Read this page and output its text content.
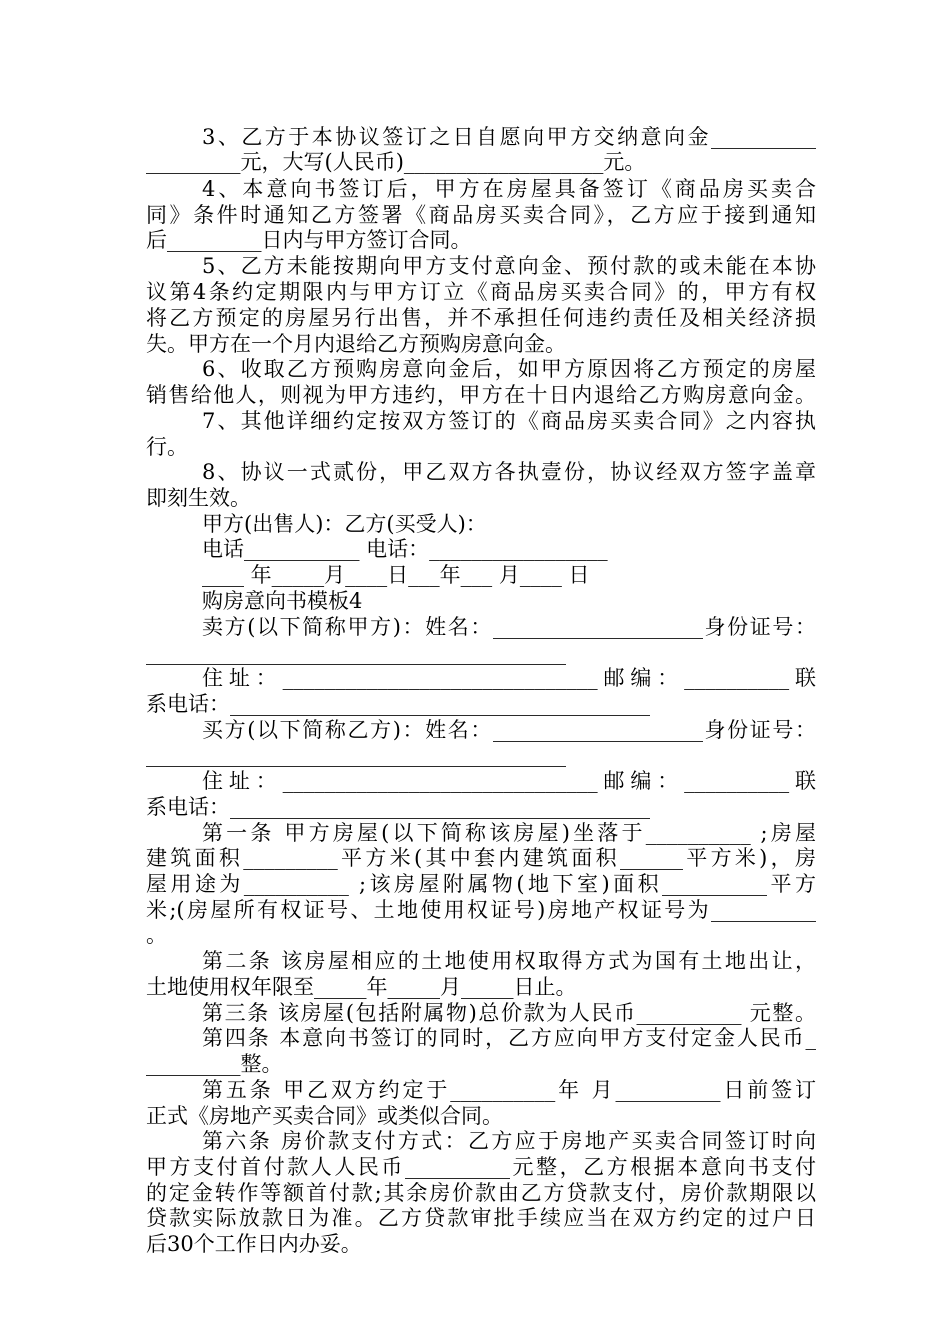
3、乙方于本协议签订之日自愿向甲方交纳意向金__________

_________元，大写(人民币)___________________元。

4、本意向书签订后，甲方在房屋具备签订《商品房买卖合

同》条件时通知乙方签署《商品房买卖合同》，乙方应于接到通知

后_________日内与甲方签订合同。

5、乙方未能按期向甲方支付意向金、预付款的或未能在本协

议第4条约定期限内与甲方订立《商品房买卖合同》的，甲方有权

将乙方预定的房屋另行出售，并不承担任何违约责任及相关经济损

失。甲方在一个月内退给乙方预购房意向金。

6、收取乙方预购房意向金后，如甲方原因将乙方预定的房屋

销售给他人，则视为甲方违约，甲方在十日内退给乙方购房意向金。

7、其他详细约定按双方签订的《商品房买卖合同》之内容执

行。

8、协议一式贰份，甲乙双方各执壹份，协议经双方签字盖章

即刻生效。

甲方(出售人)：乙方(买受人)：

电话___________ 电话：_________________

____ 年_____月____日___年___ 月____ 日

购房意向书模板4

卖方(以下简称甲方)：姓名：____________________身份证号：

________________________________________

住址：______________________________邮编：__________联

系电话：________________________________________

买方(以下简称乙方)：姓名：____________________身份证号：

________________________________________

住址：______________________________邮编：__________联

系电话：________________________________________

第一条 甲方房屋(以下简称该房屋)坐落于__________ ;房屋

建筑面积_________平方米(其中套内建筑面积______平方米)，房

屋用途为__________ ;该房屋附属物(地下室)面积__________平方

米;(房屋所有权证号、土地使用权证号)房地产权证号为__________

。

第二条 该房屋相应的土地使用权取得方式为国有土地出让，

土地使用权年限至_____年_____月_____日止。

第三条 该房屋(包括附属物)总价款为人民币__________ 元整。

第四条 本意向书签订的同时，乙方应向甲方支付定金人民币_

_________整。

第五条 甲乙双方约定于__________年 月__________日前签订

正式《房地产买卖合同》或类似合同。

第六条 房价款支付方式：乙方应于房地产买卖合同签订时向

甲方支付首付款人人民币__________元整，乙方根据本意向书支付

的定金转作等额首付款;其余房价款由乙方贷款支付，房价款期限以

贷款实际放款日为准。乙方贷款审批手续应当在双方约定的过户日

后30个工作日内办妥。
